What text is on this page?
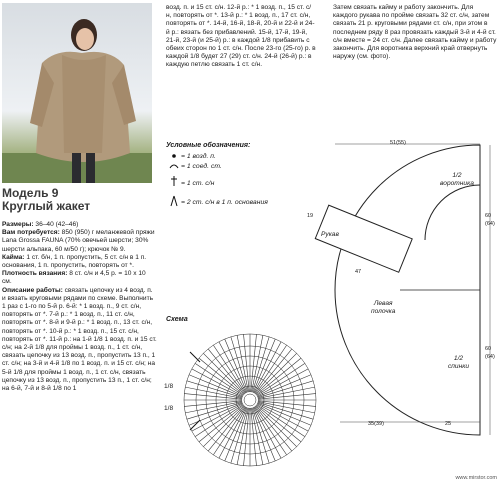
Модель 9
Круглый жакет
Размеры: 36–40 (42–46)
Вам потребуется: 850 (950) г меланжевой пряжи Lana Grossa FAUNA (70% овечьей шерсти; 30% шерсти альпака, 60 м/50 г); крючок № 9.
Кайма: 1 ст. б/н, 1 п. пропустить, 5 ст. с/н в 1 п. основания, 1 п. пропустить, повторять от *.
Плотность вязания: 8 ст. с/н и 4,5 р. = 10 х 10 см.
Описание работы: связать цепочку из 4 возд. п. и вязать круговыми рядами по схеме. Выполнить 1 раз с 1-го по 5-й р. 6-й: * 1 возд. п., 9 ст. с/н, повторять от *. 7-й р.: * 1 возд. п., 11 ст. с/н, повторять от *. 8-й и 9-й р.: * 1 возд. п., 13 ст. с/н, повторять от *. 10-й р.: * 1 возд. п., 15 ст. с/н, повторять от *. 11-й р.: на 1-й 1/8 1 возд. п. и 15 ст. с/н; на 2-й 1/8 для проймы 1 возд. п., 1 ст. с/н, связать цепочку из 13 возд. п., пропустить 13 п., 1 ст. с/н; на 3-й и 4-й 1/8 по 1 возд. п. и 15 ст. с/н; на 5-й 1/8 для проймы 1 возд. п., 1 ст. с/н, связать цепочку из 13 возд. п., пропустить 13 п., 1 ст. с/н; на 6-й, 7-й и 8-й 1/8 по 1
возд. п. и 15 ст. с/н. 12-й р.: * 1 возд. п., 15 ст. с/н, повторять от *. 13-й р.: * 1 возд. п., 17 ст. с/н, повторять от *. 14-й, 16-й, 18-й, 20-й и 22-й и 24-й р.: вязать без прибавлений. 15-й, 17-й, 19-й, 21-й, 23-й (и 25-й) р.: в каждой 1/8 прибавить с обеих сторон по 1 ст. с/н. После 23-го (25-го) р. в каждой 1/8 будет 27 (29) ст. с/н. 24-й (26-й) р.: в каждую петлю связать 1 ст. с/н.
Затем связать кайму и работу закончить. Для каждого рукава по пройме связать 32 ст. с/н, затем связать 21 р. круговыми рядами ст. с/н, при этом в последнем ряду 8 раз провязать каждый 3-й и 4-й ст. с/н вместе = 24 ст. с/н. Далее связать кайму и работу закончить. Для воротника верхний край отвернуть наружу (см. фото).
Условные обозначения:
= 1 возд. п.
= 1 соед. ст.
= 1 ст. с/н
= 2 ст. с/н в 1 п. основания
51(55)
1/2
воротника
Рукав
19
47
Левая
полочка
1/2
спинки
60
(64)
60
(64)
35(39)	25
Схема
1/8
1/8
www.mirstor.com
